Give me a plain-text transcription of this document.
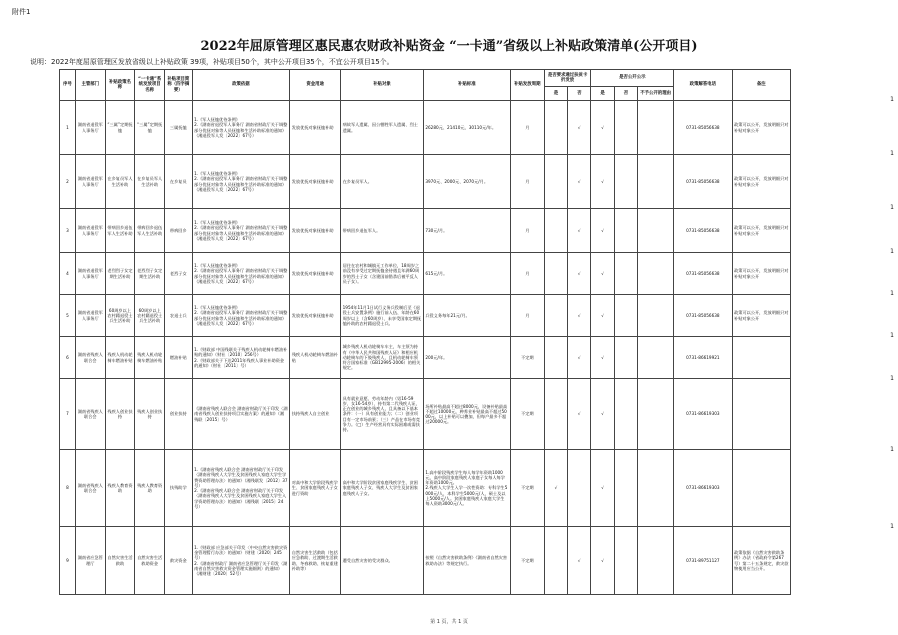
附件1
2022年屈原管理区惠民惠农财政补贴资金 “一卡通”省级以上补贴政策清单(公开项目)
说明：2022年度屈原管理区发放省级以上补贴政策 39项，补贴项目50个，其中公开项目35个，不宜公开项目15个。
1
1
1
1
1
1
1
1
1
序号	主管部门	补贴政策名称	“一卡通”系统发放项目名称	补贴项目简称（四字摘要）	政策依据	资金用途	补贴对象	补贴标准	补贴发放周期	是否要求通过扶贫卡折发放		是否公开公示			政策解答电话	备注
										是	否	是	否	不予公开的理由		
1	湖南省退役军人事务厅	“三属”定期抚恤	“三属”定期抚恤	三属抚恤	1.《军人抚恤优待条例》
2.《湖南省退役军人事务厅 湖南省财政厅关于调整部分优抚对象等人员抚恤和生活补助标准的通知》（湘退役军人发〔2022〕67号）	发放优抚对象抚恤补助	病故军人遗属、因公牺牲军人遗属、烈士遗属。	26280元、21410元、30110元/年。	月		√	√			0731-85056638	政策可以公开，发放明细只对补贴对象公开
2	湖南省退役军人事务厅	在乡复员军人生活补助	在乡复员军人生活补助	在乡复员	1.《军人抚恤优待条例》
2.《湖南省退役军人事务厅 湖南省财政厅关于调整部分优抚对象等人员抚恤和生活补助标准的通知》（湘退役军人发〔2022〕67号）	发放优抚对象抚恤补助	在乡复员军人。	3970元、2000元、2070元/月。	月		√	√			0731-85056638	政策可以公开，发放明细只对补贴对象公开
3	湖南省退役军人事务厅	带病回乡退伍军人生活补助	带病回乡退伍军人生活补助	带病回乡	1.《军人抚恤优待条例》
2.《湖南省退役军人事务厅 湖南省财政厅关于调整部分优抚对象等人员抚恤和生活补助标准的通知》（湘退役军人发〔2022〕67号）	发放优抚对象抚恤补助	带病回乡退伍军人。	730元/月。	月		√	√			0731-85056638	政策可以公开，发放明细只对补贴对象公开
4	湖南省退役军人事务厅	老烈烈子女定期生活补助	老烈烈子女定期生活补助	老烈子女	1.《军人抚恤优待条例》
2.《湖南省退役军人事务厅 湖南省财政厅关于调整部分优抚对象等人员抚恤和生活补助标准的通知》（湘退役军人发〔2022〕67号）	发放优抚对象抚恤补助	居住在农村和城镇无工作单位，18周岁之前没有享受过定期抚恤金待遇且年满60周岁的烈士子女（含建国前错杀后被平反人员子女）。	615元/月。	月		√	√			0731-85056638	政策可以公开，发放明细只对补贴对象公开
5	湖南省退役军人事务厅	60周岁以上农村籍退役士兵生活补助	60周岁以上农村籍退役士兵生活补助	农退士兵	1.《军人抚恤优待条例》
2.《湖南省退役军人事务厅 湖南省财政厅关于调整部分优抚对象等人员抚恤和生活补助标准的通知》（湘退役军人发〔2022〕67号）	发放优抚对象抚恤补助	1954年11月1日试行义务兵役制后至《退役士兵安置条例》施行前入伍、年龄在60周岁以上（含60周岁）、未享受国家定期抚恤补助的农村籍退役士兵。	兵役义务每年21元/月。	月		√	√			0731-85056638	政策可以公开，发放明细只对补贴对象公开
6	湖南省残疾人联合会	残疾人机动轮椅车燃油补贴	残疾人机动轮椅车燃油补贴	燃油补贴	1.《财政部 中国残联关于残疾人机动轮椅车燃油补贴的通知》（财社〔2010〕256号）
2.《财政部关于下达2011年残疾人事业补助资金的通知》（财社〔2011〕号）	残疾人机动轮椅车燃油补贴	城乡残疾人机动轮椅车车主，车主须为持有《中华人民共和国残疾人证》和相应机动轮椅车的下肢残疾人，且机动轮椅车须符合国家标准（GB12995-2006）的相关规定。	200元/年。	不定期		√	√			0731-86619921	
7	湖南省残疾人联合会	残疾人创业扶持	残疾人创业扶持	创业扶持	《湖南省残疾人联合会 湖南省财政厅关于印发〈湖南省残疾人创业扶持项目实施方案〉的通知》（湘残联〔2015〕号）	扶持残疾人自主创业	具有就业意愿、劳动年龄内（男16-59岁、女16-54岁）、持有第二代残疾人证，正在创业的城乡残疾人，且具备以下基本条件：（一）具有创业能力；（二）创业项目有一定市场前景；（三）产品在市场有竞争力。（□）生产经营具有实际困难或需扶持。	场所补贴最高不超过8000元，设备补贴最高不超过10000元，种养业补贴最高不超过5000元，以上补贴可以叠加，但每户最多不超过20000元。	不定期		√	√			0731-86619303	
8	湖南省残疾人联合会	残疾人教育资助	残疾人教育资助	扶残助学	1.《湖南省残疾人联合会 湖南省财政厅关于印发〈湖南省残疾人大学生及贫困残疾人家庭大学生学费资助管理办法〉的通知》（湘残联发〔2012〕37号）
2.《湖南省残疾人联合会 湖南省财政厅关于印发〈湖南省残疾人大学生及贫困残疾人家庭大学生入学资助管理办法〉的通知》（湘残联〔2015〕24号）	对高中和大学阶段残疾学生、贫困家庭残疾人子女进行资助	高中和大学阶段贫困家庭残疾学生、贫困家庭残疾人子女、残疾人大学生及贫困家庭残疾人子女。	1.高中阶段残疾学生每人每学年资助1000元，高中阶段家庭残疾人家庭子女每人每学年资助1000元。
2.残疾人大学生入学一次性资助：专科学生5000元/人，本科学生5000元/人，硕士及以上5000元/人。贫困家庭残疾人家庭大学生每人资助3000元/人。	不定期	√		√			0731-86619303	
9	湖南省应急管理厅	自然灾害生活救助	自然灾害生活救助资金	救灾资金	1.《财政部 应急部关于印发〈中央自然灾害救灾资金管理暂行办法〉的通知》（财建〔2020〕245号）
2.《湖南省财政厅 湖南省应急管理厅关于印发〈湖南省自然灾害救灾资金管理实施细则〉的通知》（湘财建〔2020〕52号）	自然灾害生活救助（包括应急救助、过渡期生活救助、冬春救助、恢复重建补助等）	遭受自然灾害的受灾群众。	按照《自然灾害救助条例》《湖南省自然灾害救助办法》等规定执行。	不定期		√	√			0731-89751127	政策依据《自然灾害救助条例》办法（省政府令第267号）第二十五条规定，救灾款物使用应当公开。
第 1 页，共 1 页
